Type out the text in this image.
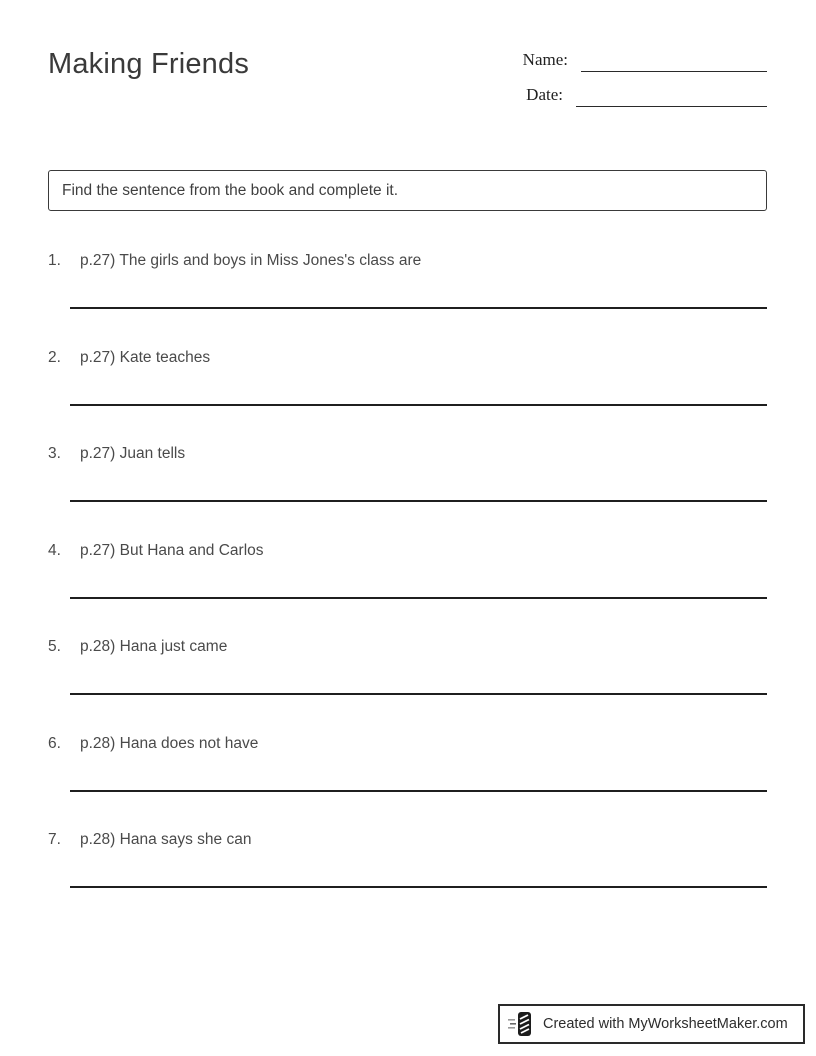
Making Friends	Name:
Date:
Find the sentence from the book and complete it.
1. p.27) The girls and boys in Miss Jones's class are
2. p.27) Kate teaches
3. p.27) Juan tells
4. p.27) But Hana and Carlos
5. p.28) Hana just came
6. p.28) Hana does not have
7. p.28) Hana says she can
Created with MyWorksheetMaker.com
